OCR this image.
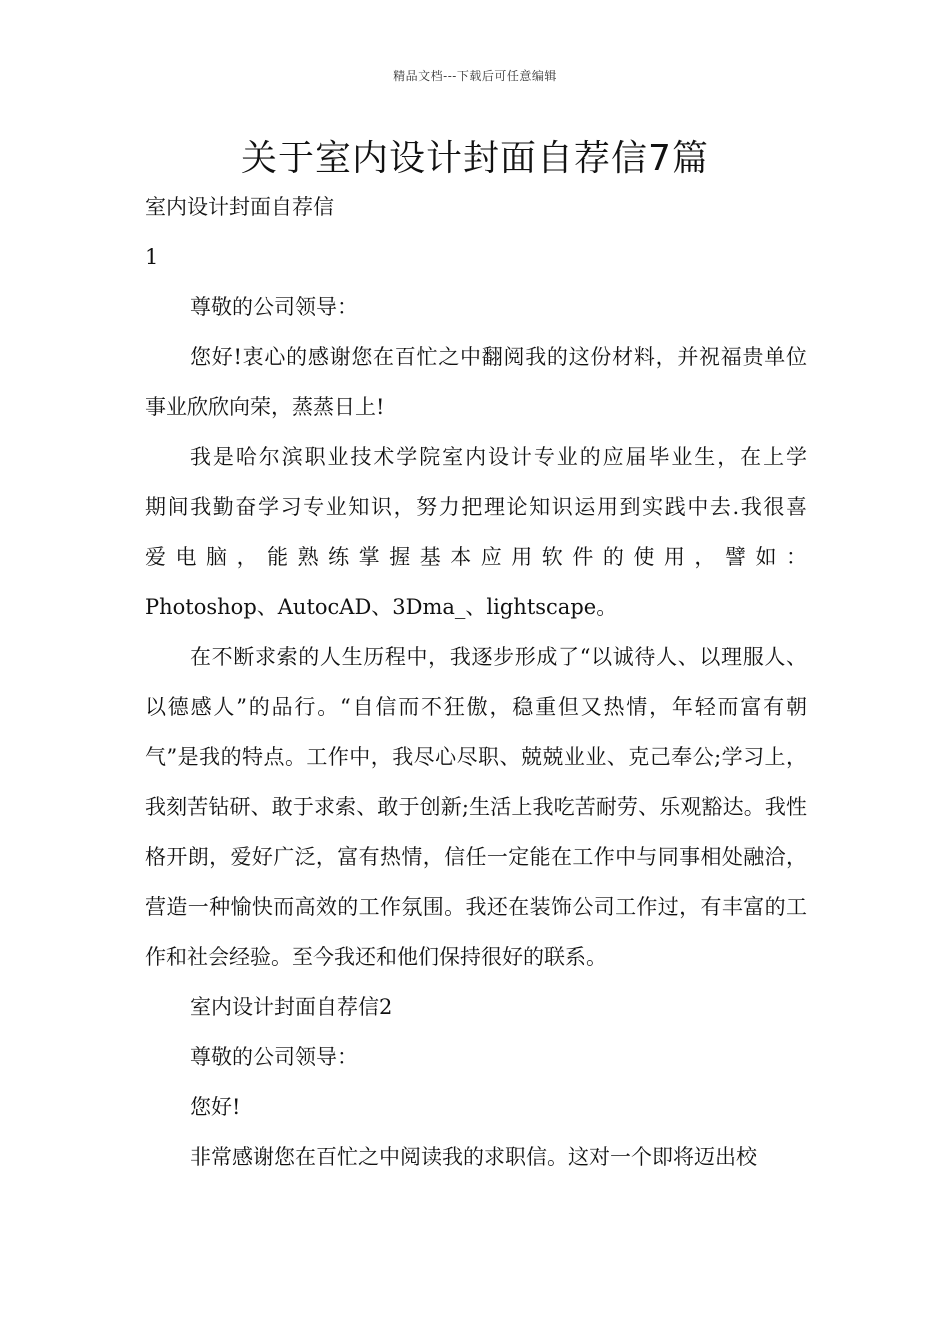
精品文档---下载后可任意编辑
关于室内设计封面自荐信7篇

室内设计封面自荐信

1

尊敬的公司领导：

您好!衷心的感谢您在百忙之中翻阅我的这份材料，并祝福贵单位事业欣欣向荣，蒸蒸日上!

我是哈尔滨职业技术学院室内设计专业的应届毕业生，在上学

期间我勤奋学习专业知识，努力把理论知识运用到实践中去.我很喜

爱电脑，能熟练掌握基本应用软件的使用，譬如：

Photoshop、AutocAD、3Dma_、lightscape。

在不断求索的人生历程中，我逐步形成了“以诚待人、以理服人、以德感人”的品行。“自信而不狂傲，稳重但又热情，年轻而富有朝气”是我的特点。工作中，我尽心尽职、兢兢业业、克己奉公;学习上，我刻苦钻研、敢于求索、敢于创新;生活上我吃苦耐劳、乐观豁达。我性格开朗，爱好广泛，富有热情，信任一定能在工作中与同事相处融洽，营造一种愉快而高效的工作氛围。我还在装饰公司工作过，有丰富的工作和社会经验。至今我还和他们保持很好的联系。

室内设计封面自荐信2

尊敬的公司领导：

您好!

非常感谢您在百忙之中阅读我的求职信。这对一个即将迈出校
